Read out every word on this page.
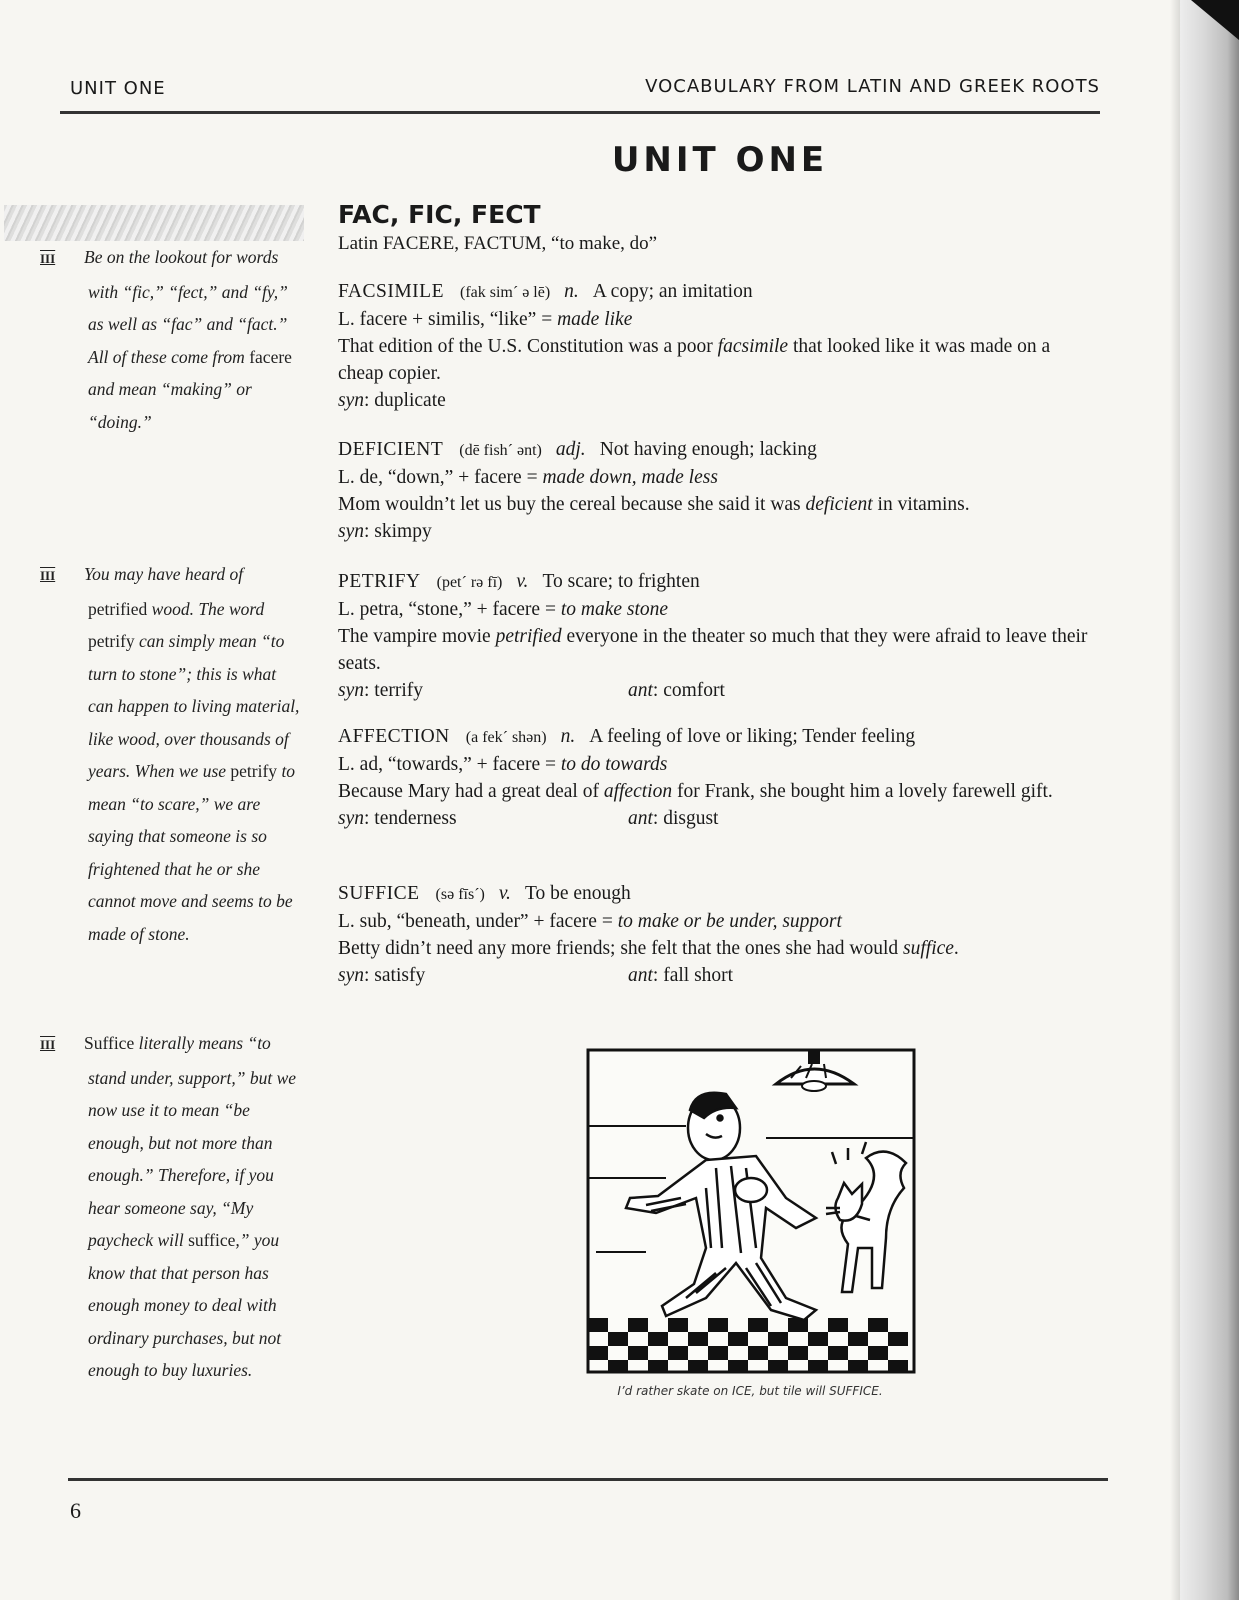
UNIT ONE	VOCABULARY FROM LATIN AND GREEK ROOTS
UNIT ONE

III Be on the lookout for words with “fic,” “fect,” and “fy,” as well as “fac” and “fact.” All of these come from facere and mean “making” or “doing.”

III You may have heard of petrified wood. The word petrify can simply mean “to turn to stone”; this is what can happen to living material, like wood, over thousands of years. When we use petrify to mean “to scare,” we are saying that someone is so frightened that he or she cannot move and seems to be made of stone.

III Suffice literally means “to stand under, support,” but we now use it to mean “be enough, but not more than enough.” Therefore, if you hear someone say, “My paycheck will suffice,” you know that that person has enough money to deal with ordinary purchases, but not enough to buy luxuries.

FAC, FIC, FECT
Latin FACERE, FACTUM, “to make, do”
FACSIMILE (fak sim´ ə lē) n. A copy; an imitation
L. facere + similis, “like” = made like
That edition of the U.S. Constitution was a poor facsimile that looked like it was made on a cheap copier.
syn: duplicate
DEFICIENT (dē fish´ ənt) adj. Not having enough; lacking
L. de, “down,” + facere = made down, made less
Mom wouldn’t let us buy the cereal because she said it was deficient in vitamins.
syn: skimpy
PETRIFY (pet´ rə fī) v. To scare; to frighten
L. petra, “stone,” + facere = to make stone
The vampire movie petrified everyone in the theater so much that they were afraid to leave their seats.
syn: terrify	ant: comfort
AFFECTION (a fek´ shən) n. A feeling of love or liking; Tender feeling
L. ad, “towards,” + facere = to do towards
Because Mary had a great deal of affection for Frank, she bought him a lovely farewell gift.
syn: tenderness	ant: disgust
SUFFICE (sə fīs´) v. To be enough
L. sub, “beneath, under” + facere = to make or be under, support
Betty didn’t need any more friends; she felt that the ones she had would suffice.
syn: satisfy	ant: fall short
I’d rather skate on ICE, but tile will SUFFICE.
6
